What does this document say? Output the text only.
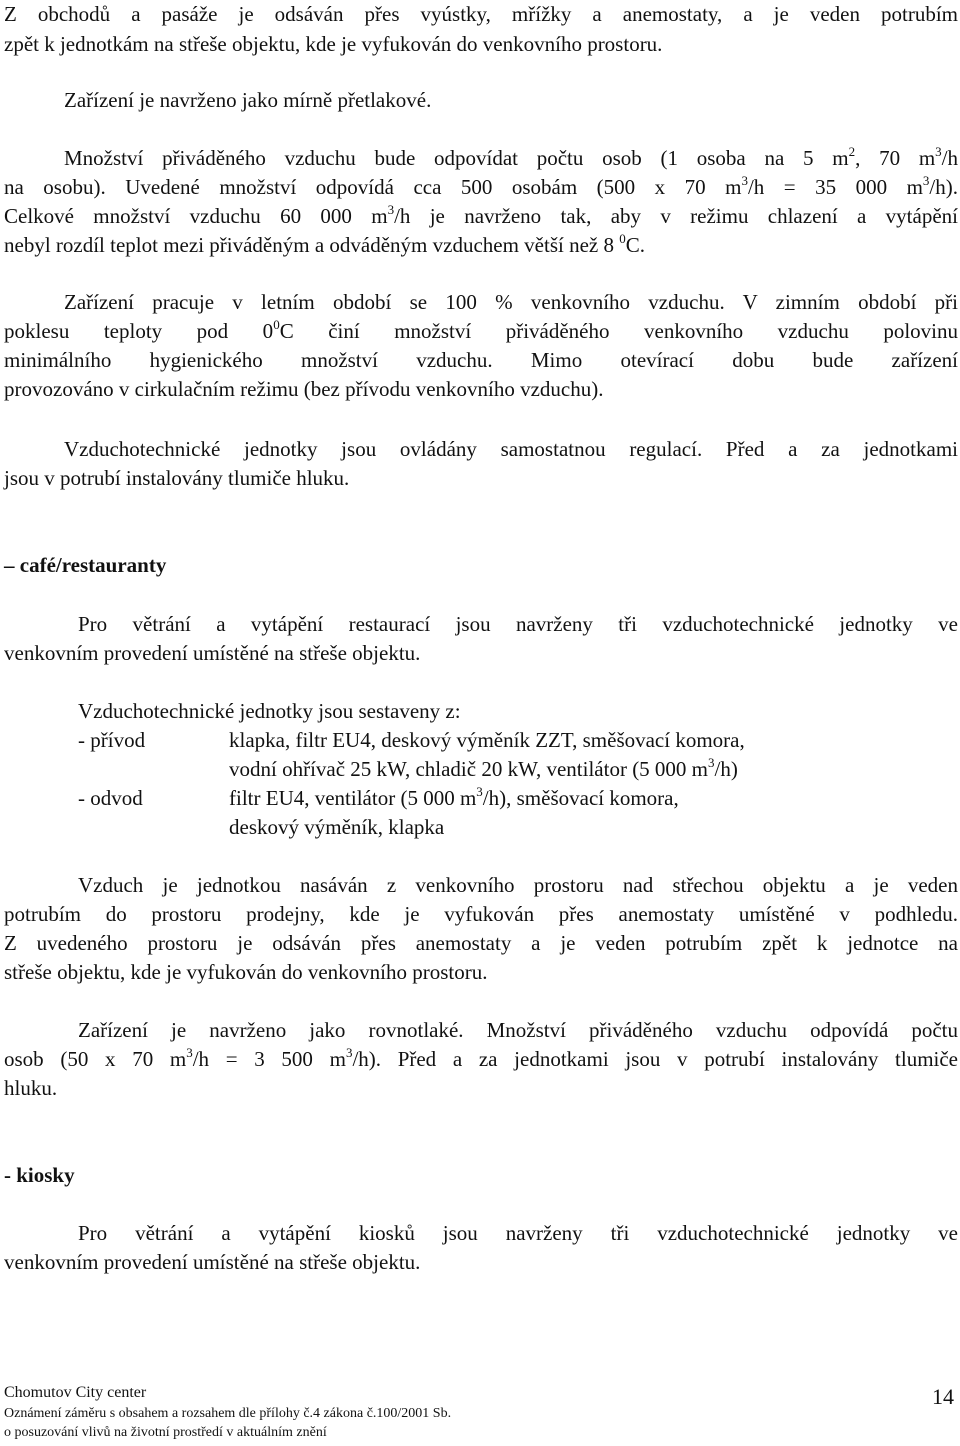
Z obchodů a pasáže je odsáván přes vyústky, mřížky a anemostaty, a je veden potrubím
zpět k jednotkám na střeše objektu, kde je vyfukován do venkovního prostoru.
Zařízení je navrženo jako mírně přetlakové.
Množství přiváděného vzduchu bude odpovídat počtu osob (1 osoba na 5 $m^2$, 70 $m^3/h$
na osobu). Uvedené množství odpovídá cca 500 osobám (500 x 70 $m^3/h = 35$ 000 $m^3/h$).
Celkové množství vzduchu 60 000 $m^3/h$ je navrženo tak, aby v režimu chlazení a vytápění
nebyl rozdíl teplot mezi přiváděným a odváděným vzduchem větší než 8 $^0$C.
Zařízení pracuje v letním období se 100 % venkovního vzduchu. V zimním období při
poklesu teploty pod $0^0C$ činí množství přiváděného venkovního vzduchu polovinu
minimálního hygienického množství vzduchu. Mimo otevírací dobu bude zařízení
provozováno v cirkulačním režimu (bez přívodu venkovního vzduchu).
Vzduchotechnické jednotky jsou ovládány samostatnou regulací. Před a za jednotkami
jsou v potrubí instalovány tlumiče hluku.
– café/restauranty
Pro větrání a vytápění restaurací jsou navrženy tři vzduchotechnické jednotky ve
venkovním provedení umístěné na střeše objektu.
Vzduchotechnické jednotky jsou sestaveny z:
- přívod	klapka, filtr EU4, deskový výměník ZZT, směšovací komora,
vodní ohřívač 25 kW, chladič 20 kW, ventilátor (5 000 $m^3/h$)
- odvod	filtr EU4, ventilátor (5 000 $m^3/h$), směšovací komora,
deskový výměník, klapka
Vzduch je jednotkou nasáván z venkovního prostoru nad střechou objektu a je veden
potrubím do prostoru prodejny, kde je vyfukován přes anemostaty umístěné v podhledu.
Z uvedeného prostoru je odsáván přes anemostaty a je veden potrubím zpět k jednotce na
střeše objektu, kde je vyfukován do venkovního prostoru.
Zařízení je navrženo jako rovnotlaké. Množství přiváděného vzduchu odpovídá počtu
osob (50 x 70 $m^3/h = 3$ 500 $m^3/h$). Před a za jednotkami jsou v potrubí instalovány tlumiče
hluku.
- kiosky
Pro větrání a vytápění kiosků jsou navrženy tři vzduchotechnické jednotky ve
venkovním provedení umístěné na střeše objektu.
Chomutov City center
Oznámení záměru s obsahem a rozsahem dle přílohy č.4 zákona č.100/2001 Sb.
o posuzování vlivů na životní prostředí v aktuálním znění
14
